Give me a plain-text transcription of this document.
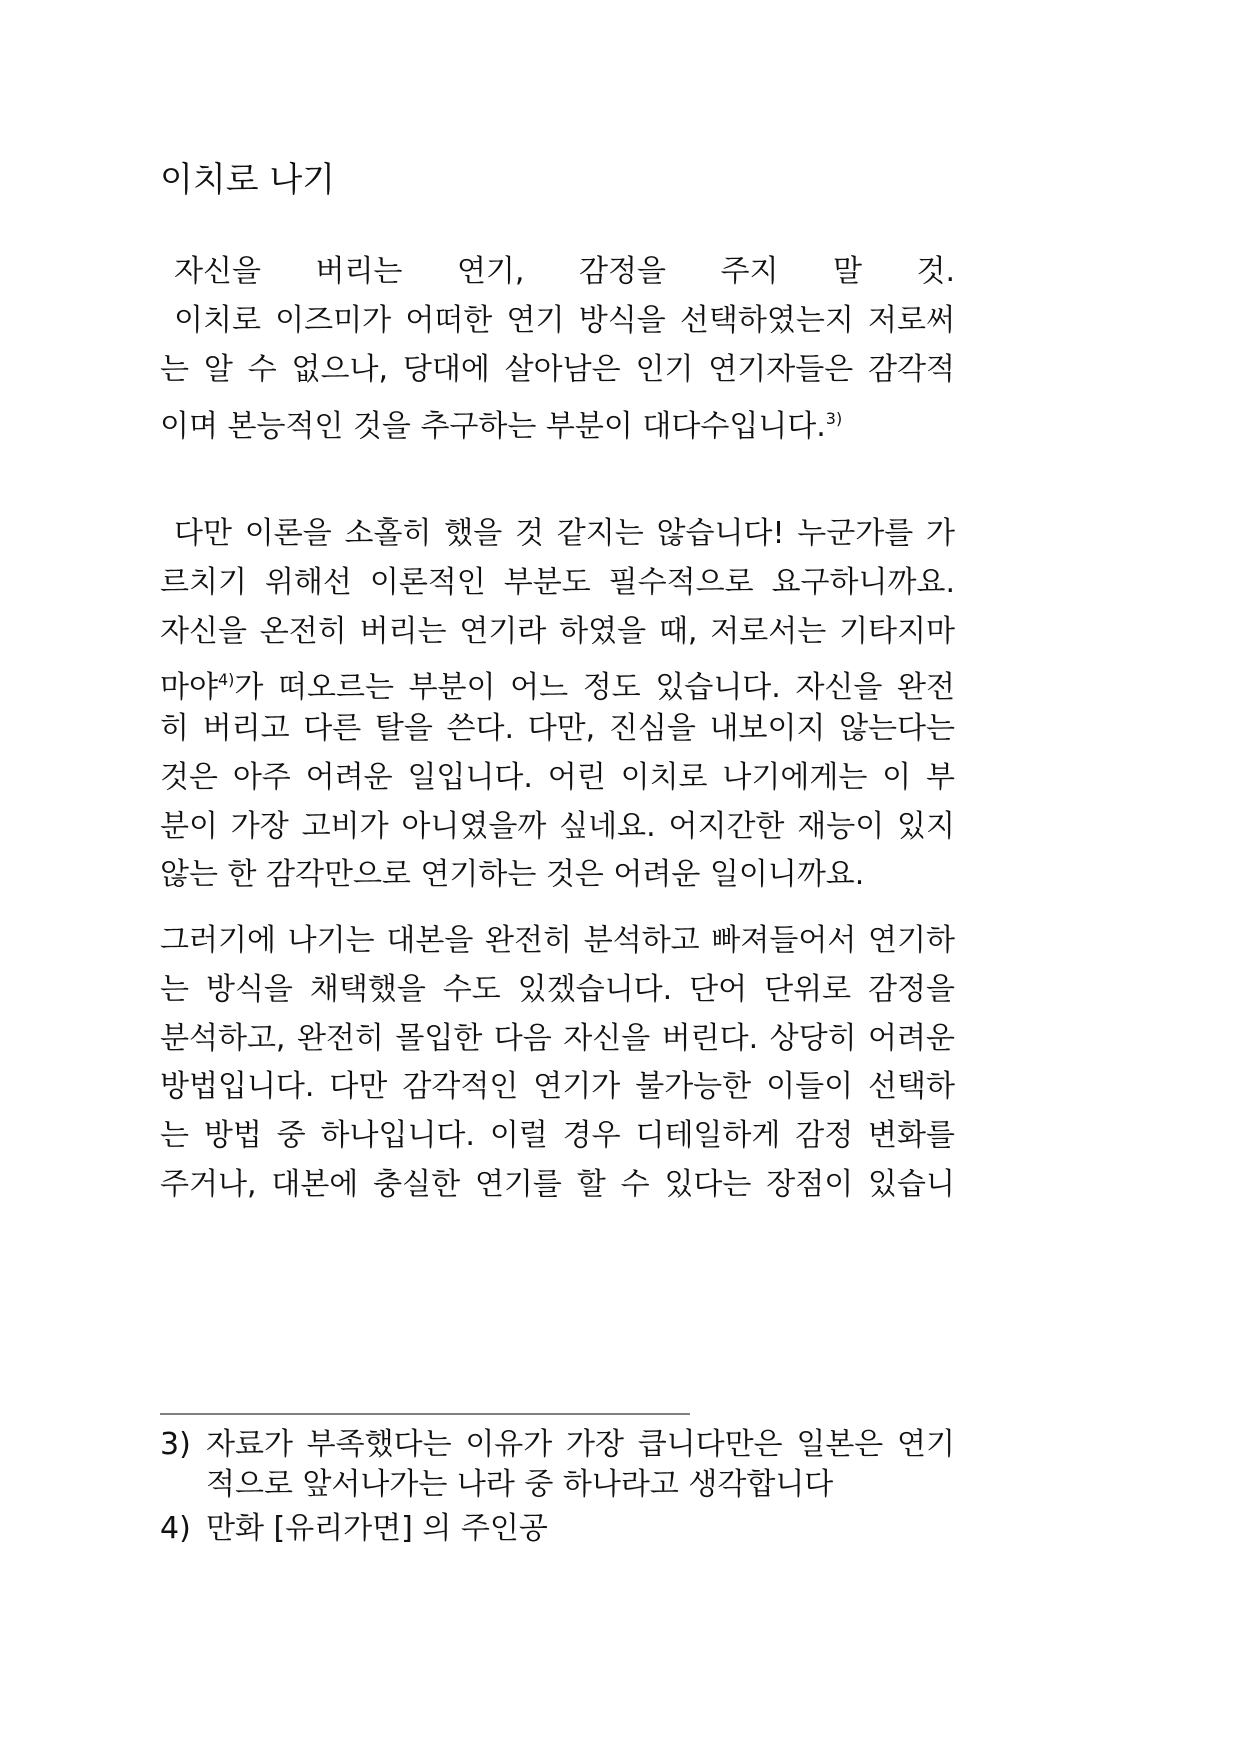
이치로 나기
자신을 버리는 연기, 감정을 주지 말 것.
이치로 이즈미가 어떠한 연기 방식을 선택하였는지 저로써
는 알 수 없으나, 당대에 살아남은 인기 연기자들은 감각적
이며 본능적인 것을 추구하는 부분이 대다수입니다.$^{3)}$
다만 이론을 소홀히 했을 것 같지는 않습니다! 누군가를 가
르치기 위해선 이론적인 부분도 필수적으로 요구하니까요.
자신을 온전히 버리는 연기라 하였을 때, 저로서는 기타지마
마야$^{4)}$가 떠오르는 부분이 어느 정도 있습니다. 자신을 완전
히 버리고 다른 탈을 쓴다. 다만, 진심을 내보이지 않는다는
것은 아주 어려운 일입니다. 어린 이치로 나기에게는 이 부
분이 가장 고비가 아니였을까 싶네요. 어지간한 재능이 있지
않는 한 감각만으로 연기하는 것은 어려운 일이니까요.
그러기에 나기는 대본을 완전히 분석하고 빠져들어서 연기하
는 방식을 채택했을 수도 있겠습니다. 단어 단위로 감정을
분석하고, 완전히 몰입한 다음 자신을 버린다. 상당히 어려운
방법입니다. 다만 감각적인 연기가 불가능한 이들이 선택하
는 방법 중 하나입니다. 이럴 경우 디테일하게 감정 변화를
주거나, 대본에 충실한 연기를 할 수 있다는 장점이 있습니
3) 자료가 부족했다는 이유가 가장 큽니다만은 일본은 연기
적으로 앞서나가는 나라 중 하나라고 생각합니다
4) 만화 [유리가면] 의 주인공
